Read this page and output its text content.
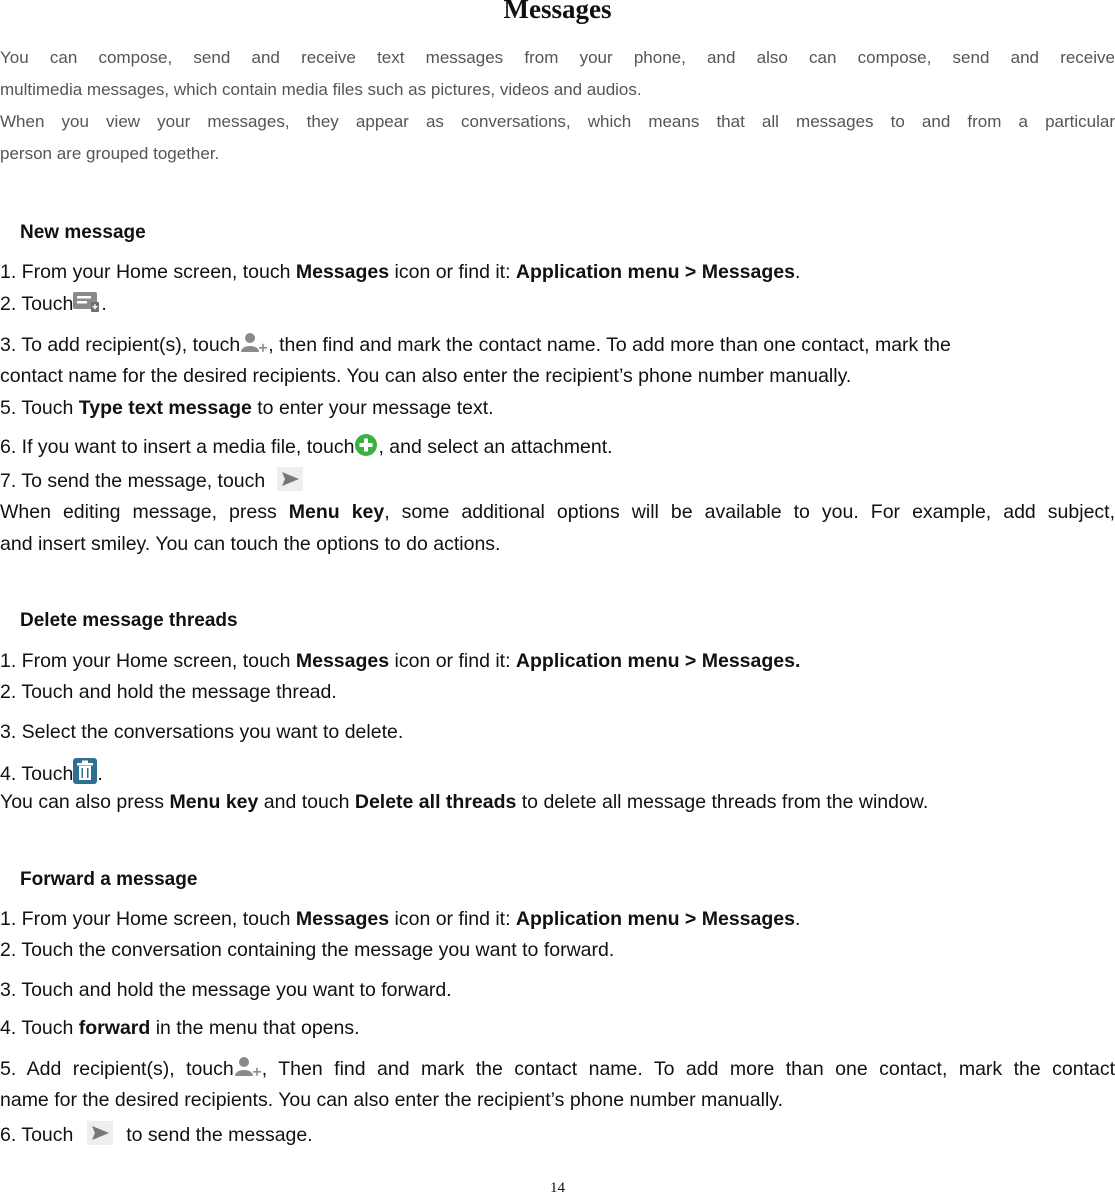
Messages

You can compose, send and receive text messages from your phone, and also can compose, send and receive

multimedia messages, which contain media files such as pictures, videos and audios.

When you view your messages, they appear as conversations, which means that all messages to and from a particular

person are grouped together.

New message
1. From your Home screen, touch Messages icon or find it: Application menu > Messages.
2. Touch .
3. To add recipient(s), touch , then find and mark the contact name. To add more than one contact, mark the
contact name for the desired recipients. You can also enter the recipient’s phone number manually.
5. Touch Type text message to enter your message text.
6. If you want to insert a media file, touch , and select an attachment.
7. To send the message, touch
When editing message, press Menu key, some additional options will be available to you. For example, add subject,
and insert smiley. You can touch the options to do actions.
Delete message threads
1. From your Home screen, touch Messages icon or find it: Application menu > Messages.
2. Touch and hold the message thread.
3. Select the conversations you want to delete.
4. Touch .
You can also press Menu key and touch Delete all threads to delete all message threads from the window.
Forward a message
1. From your Home screen, touch Messages icon or find it: Application menu > Messages.
2. Touch the conversation containing the message you want to forward.
3. Touch and hold the message you want to forward.
4. Touch forward in the menu that opens.
5. Add recipient(s), touch , Then find and mark the contact name. To add more than one contact, mark the contact
name for the desired recipients. You can also enter the recipient’s phone number manually.
6. Touch  to send the message.
14
